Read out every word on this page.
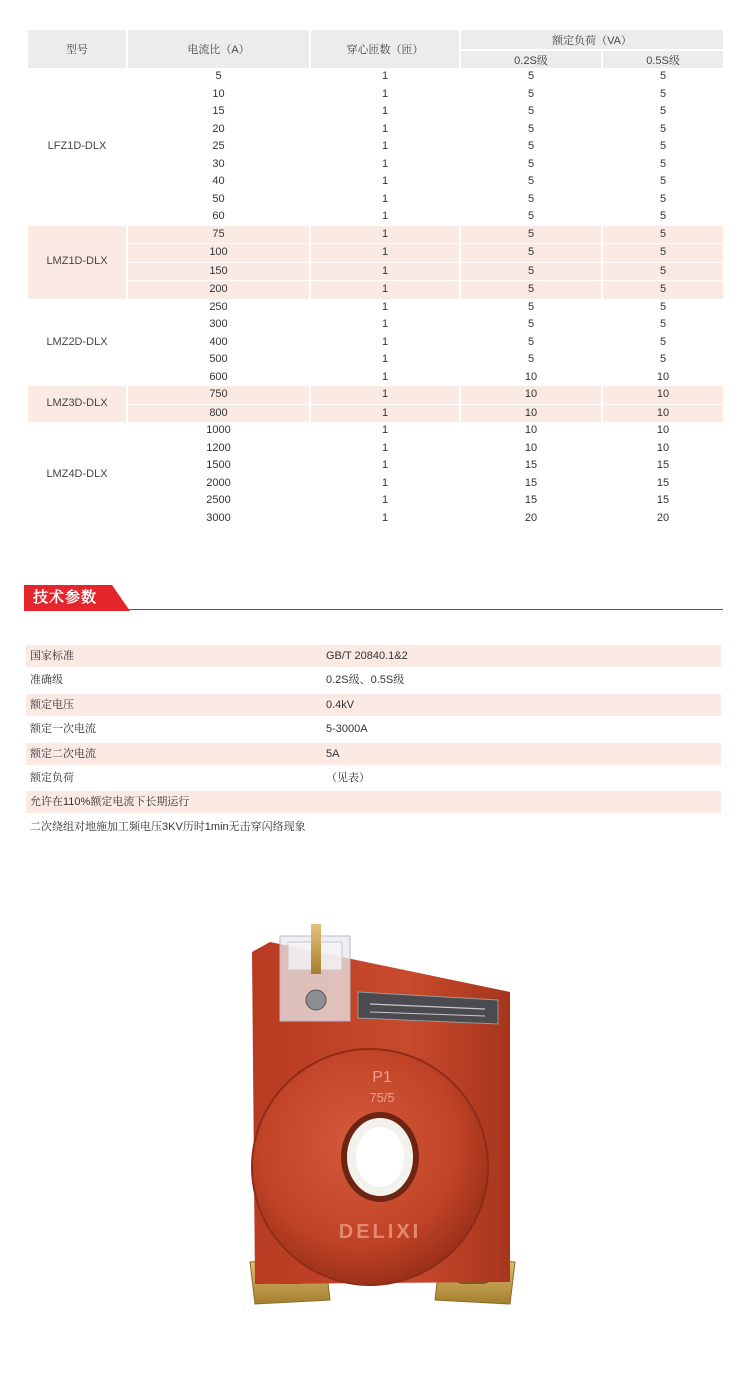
型号	电流比（A）	穿心匝数（匝）	额定负荷（VA）	
			0.2S级	0.5S级
LFZ1D-DLX	5	1	5	5
	10	1	5	5
	15	1	5	5
	20	1	5	5
	25	1	5	5
	30	1	5	5
	40	1	5	5
	50	1	5	5
	60	1	5	5
LMZ1D-DLX	75	1	5	5
	100	1	5	5
	150	1	5	5
	200	1	5	5
LMZ2D-DLX	250	1	5	5
	300	1	5	5
	400	1	5	5
	500	1	5	5
	600	1	10	10
LMZ3D-DLX	750	1	10	10
	800	1	10	10
LMZ4D-DLX	1000	1	10	10
	1200	1	10	10
	1500	1	15	15
	2000	1	15	15
	2500	1	15	15
	3000	1	20	20
技术参数
国家标准	GB/T 20840.1&2
准确级	0.2S级、0.5S级
额定电压	0.4kV
额定一次电流	5-3000A
额定二次电流	5A
额定负荷	（见表）
允许在110%额定电流下长期运行
二次绕组对地施加工频电压3KV历时1min无击穿闪络现象
P1
75/5
DELIXI
